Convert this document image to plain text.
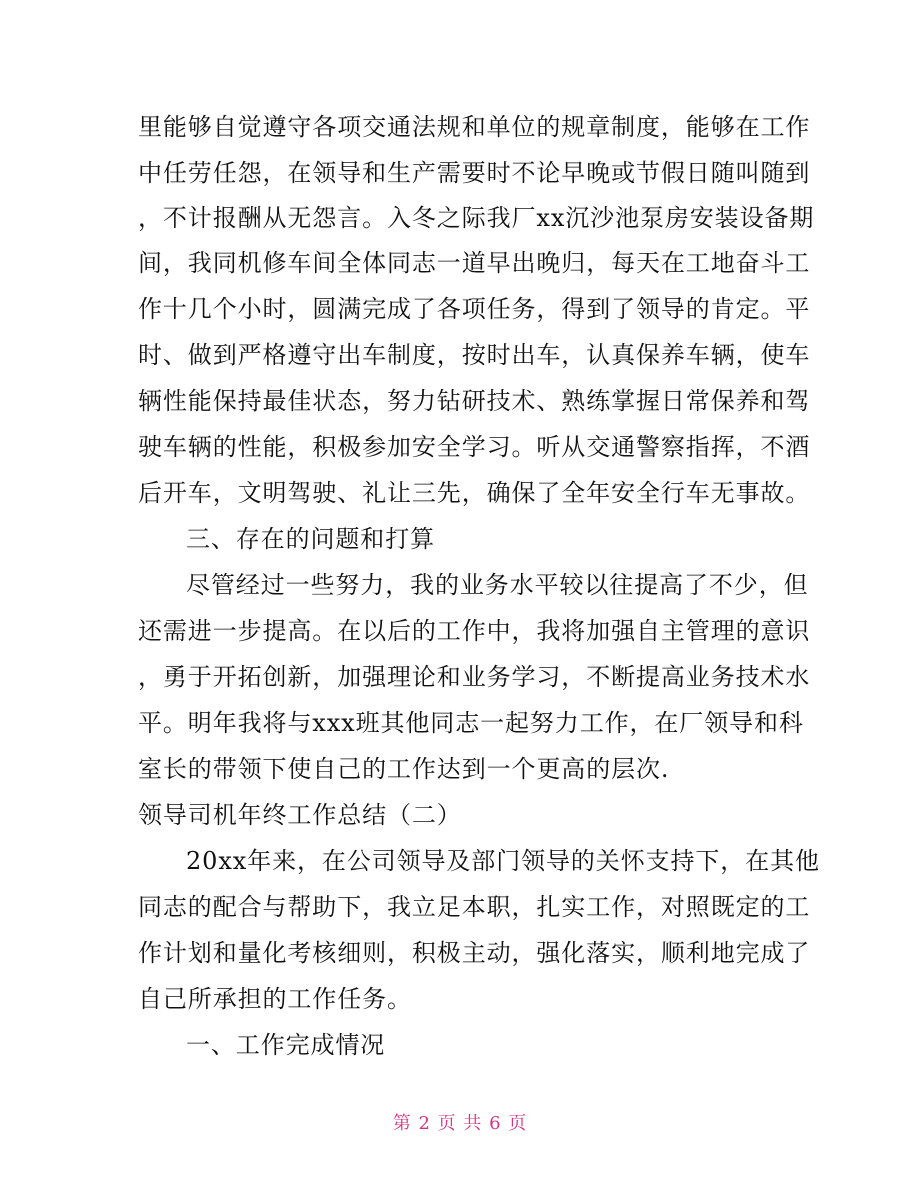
里能够自觉遵守各项交通法规和单位的规章制度，能够在工作
中任劳任怨，在领导和生产需要时不论早晚或节假日随叫随到
，不计报酬从无怨言。入冬之际我厂xx沉沙池泵房安装设备期
间，我同机修车间全体同志一道早出晚归，每天在工地奋斗工
作十几个小时，圆满完成了各项任务，得到了领导的肯定。平
时、做到严格遵守出车制度，按时出车，认真保养车辆，使车
辆性能保持最佳状态，努力钻研技术、熟练掌握日常保养和驾
驶车辆的性能，积极参加安全学习。听从交通警察指挥，不酒
后开车，文明驾驶、礼让三先，确保了全年安全行车无事故。
三、存在的问题和打算
尽管经过一些努力，我的业务水平较以往提高了不少，但
还需进一步提高。在以后的工作中，我将加强自主管理的意识
，勇于开拓创新，加强理论和业务学习，不断提高业务技术水
平。明年我将与xxx班其他同志一起努力工作，在厂领导和科
室长的带领下使自己的工作达到一个更高的层次.
领导司机年终工作总结（二）
20xx年来，在公司领导及部门领导的关怀支持下，在其他
同志的配合与帮助下，我立足本职，扎实工作，对照既定的工
作计划和量化考核细则，积极主动，强化落实，顺利地完成了
自己所承担的工作任务。
一、工作完成情况
第 2 页 共 6 页
